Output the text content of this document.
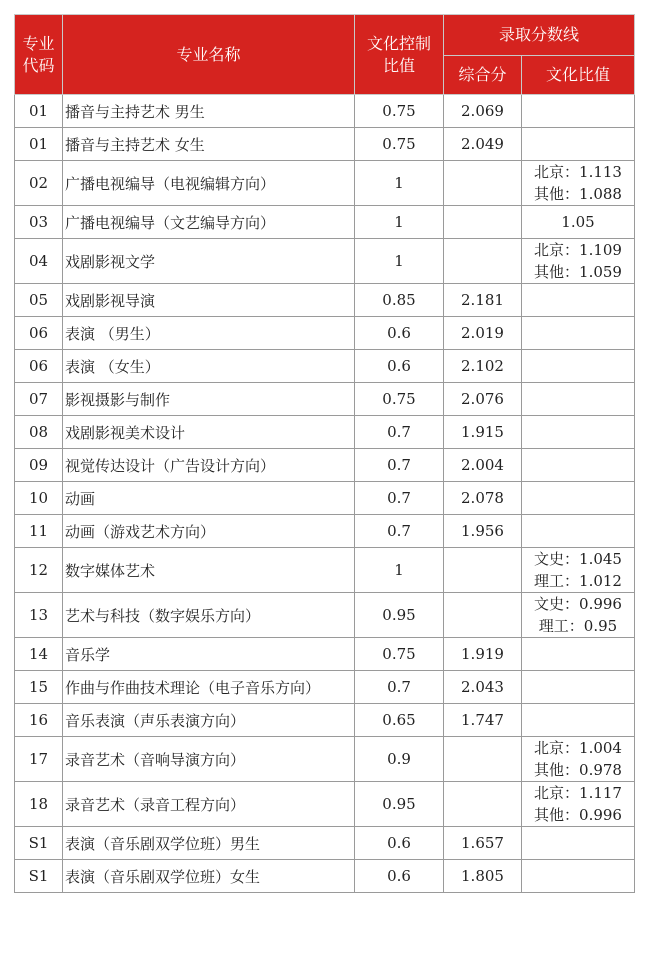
专业代码	专业名称	文化控制比值	录取分数线	
			综合分	文化比值
01	播音与主持艺术 男生	0.75	2.069	
01	播音与主持艺术 女生	0.75	2.049	
02	广播电视编导（电视编辑方向）	1		北京：1.113
其他：1.088

03	广播电视编导（文艺编导方向）	1		1.05

04	戏剧影视文学	1		北京：1.109
其他：1.059

05	戏剧影视导演	0.85	2.181	
06	表演 （男生）	0.6	2.019	
06	表演 （女生）	0.6	2.102	
07	影视摄影与制作	0.75	2.076	
08	戏剧影视美术设计	0.7	1.915	
09	视觉传达设计（广告设计方向）	0.7	2.004	
10	动画	0.7	2.078	
11	动画（游戏艺术方向）	0.7	1.956	
12	数字媒体艺术	1		文史：1.045
理工：1.012

13	艺术与科技（数字娱乐方向）	0.95		文史：0.996
理工：0.95

14	音乐学	0.75	1.919	
15	作曲与作曲技术理论（电子音乐方向）	0.7	2.043	
16	音乐表演（声乐表演方向）	0.65	1.747	
17	录音艺术（音响导演方向）	0.9		北京：1.004
其他：0.978

18	录音艺术（录音工程方向）	0.95		北京：1.117
其他：0.996

S1	表演（音乐剧双学位班）男生	0.6	1.657	
S1	表演（音乐剧双学位班）女生	0.6	1.805	
